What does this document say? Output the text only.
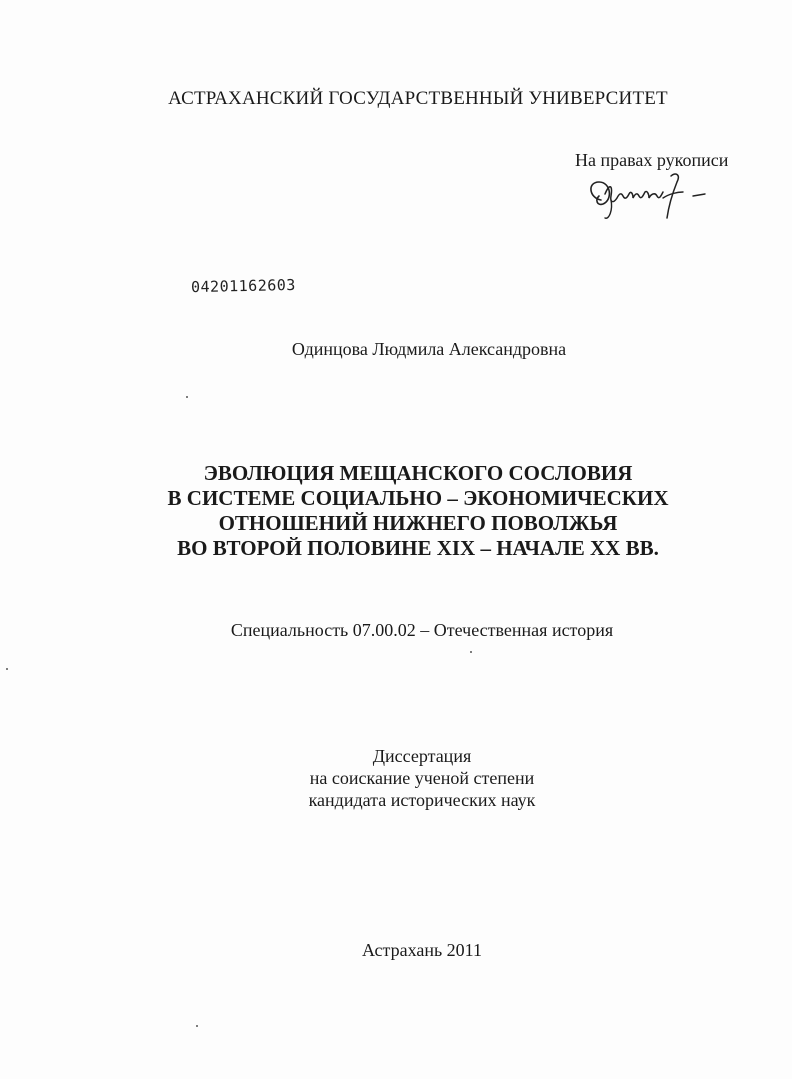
АСТРАХАНСКИЙ ГОСУДАРСТВЕННЫЙ УНИВЕРСИТЕТ
На правах рукописи
04201162603
Одинцова Людмила Александровна
ЭВОЛЮЦИЯ МЕЩАНСКОГО СОСЛОВИЯ
В СИСТЕМЕ СОЦИАЛЬНО – ЭКОНОМИЧЕСКИХ
ОТНОШЕНИЙ НИЖНЕГО ПОВОЛЖЬЯ
ВО ВТОРОЙ ПОЛОВИНЕ XIX – НАЧАЛЕ XX ВВ.
Специальность 07.00.02 – Отечественная история
Диссертация
на соискание ученой степени
кандидата исторических наук
Астрахань 2011
